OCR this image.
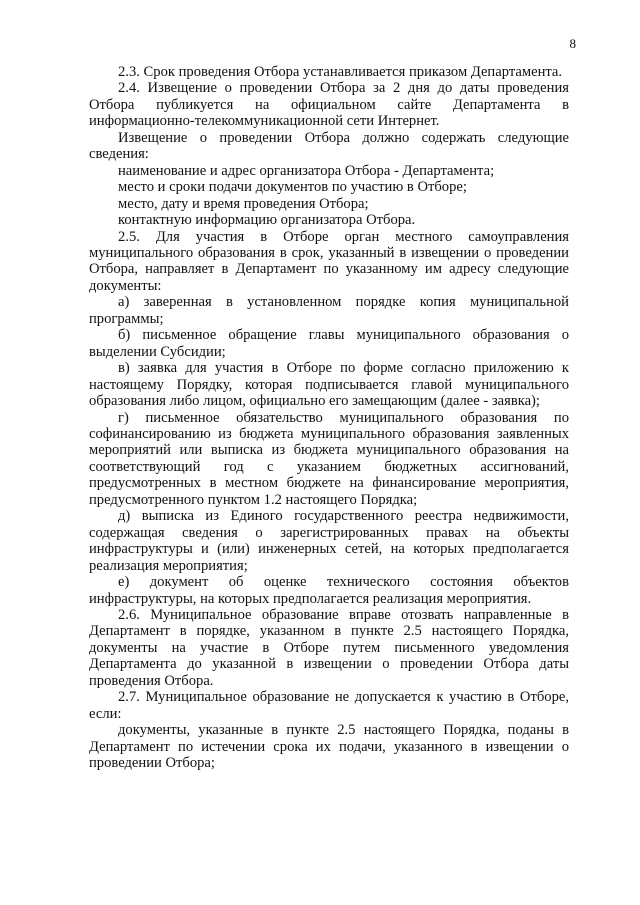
8

2.3. Срок проведения Отбора устанавливается приказом Департамента.

2.4. Извещение о проведении Отбора за 2 дня до даты проведения Отбора публикуется на официальном сайте Департамента в информационно-телекоммуникационной сети Интернет.

Извещение о проведении Отбора должно содержать следующие сведения:

наименование и адрес организатора Отбора - Департамента;

место и сроки подачи документов по участию в Отборе;

место, дату и время проведения Отбора;

контактную информацию организатора Отбора.

2.5. Для участия в Отборе орган местного самоуправления муниципального образования в срок, указанный в извещении о проведении Отбора, направляет в Департамент по указанному им адресу следующие документы:

а) заверенная в установленном порядке копия муниципальной программы;

б) письменное обращение главы муниципального образования о выделении Субсидии;

в) заявка для участия в Отборе по форме согласно приложению к настоящему Порядку, которая подписывается главой муниципального образования либо лицом, официально его замещающим (далее - заявка);

г) письменное обязательство муниципального образования по софинансированию из бюджета муниципального образования заявленных мероприятий или выписка из бюджета муниципального образования на соответствующий год с указанием бюджетных ассигнований, предусмотренных в местном бюджете на финансирование мероприятия, предусмотренного пунктом 1.2 настоящего Порядка;

д) выписка из Единого государственного реестра недвижимости, содержащая сведения о зарегистрированных правах на объекты инфраструктуры и (или) инженерных сетей, на которых предполагается реализация мероприятия;

е) документ об оценке технического состояния объектов инфраструктуры, на которых предполагается реализация мероприятия.

2.6. Муниципальное образование вправе отозвать направленные в Департамент в порядке, указанном в пункте 2.5 настоящего Порядка, документы на участие в Отборе путем письменного уведомления Департамента до указанной в извещении о проведении Отбора даты проведения Отбора.

2.7. Муниципальное образование не допускается к участию в Отборе, если:

документы, указанные в пункте 2.5 настоящего Порядка, поданы в Департамент по истечении срока их подачи, указанного в извещении о проведении Отбора;
